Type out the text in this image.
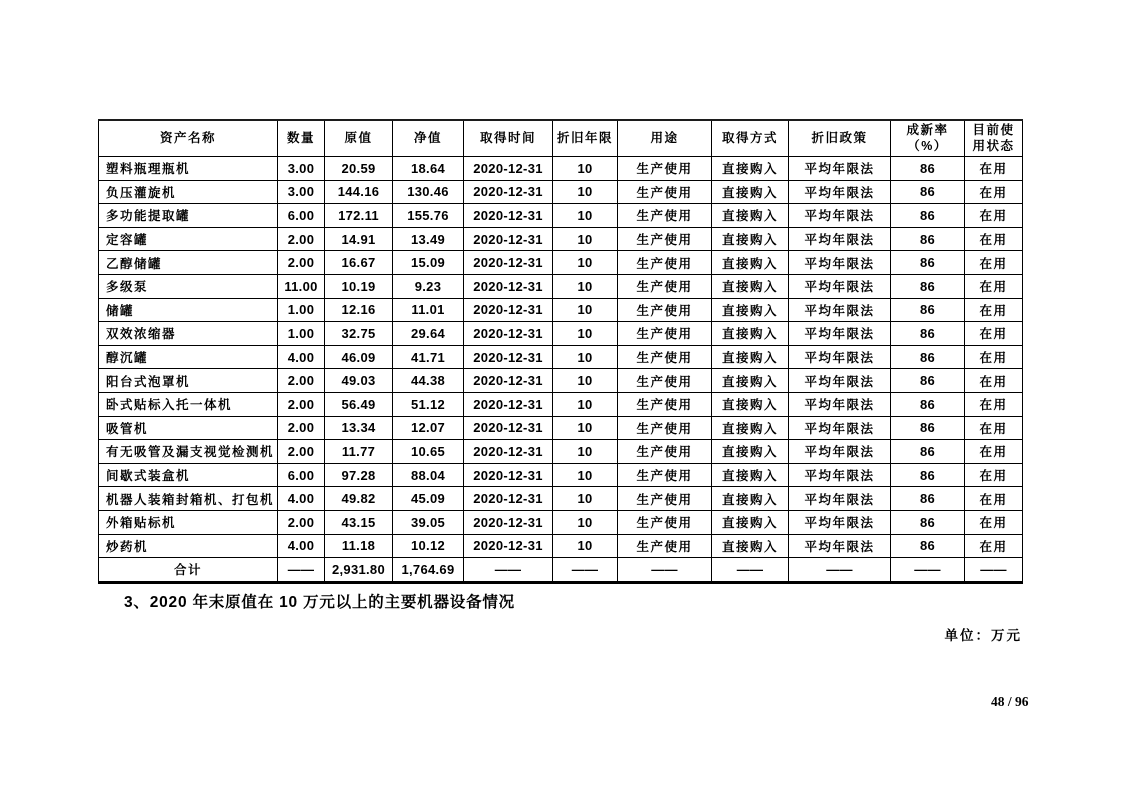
资产名称	数量	原值	净值	取得时间	折旧年限	用途	取得方式	折旧政策	成新率（%）	目前使用状态
塑料瓶理瓶机	3.00	20.59	18.64	2020-12-31	10	生产使用	直接购入	平均年限法	86	在用
负压灌旋机	3.00	144.16	130.46	2020-12-31	10	生产使用	直接购入	平均年限法	86	在用
多功能提取罐	6.00	172.11	155.76	2020-12-31	10	生产使用	直接购入	平均年限法	86	在用
定容罐	2.00	14.91	13.49	2020-12-31	10	生产使用	直接购入	平均年限法	86	在用
乙醇储罐	2.00	16.67	15.09	2020-12-31	10	生产使用	直接购入	平均年限法	86	在用
多级泵	11.00	10.19	9.23	2020-12-31	10	生产使用	直接购入	平均年限法	86	在用
储罐	1.00	12.16	11.01	2020-12-31	10	生产使用	直接购入	平均年限法	86	在用
双效浓缩器	1.00	32.75	29.64	2020-12-31	10	生产使用	直接购入	平均年限法	86	在用
醇沉罐	4.00	46.09	41.71	2020-12-31	10	生产使用	直接购入	平均年限法	86	在用
阳台式泡罩机	2.00	49.03	44.38	2020-12-31	10	生产使用	直接购入	平均年限法	86	在用
卧式贴标入托一体机	2.00	56.49	51.12	2020-12-31	10	生产使用	直接购入	平均年限法	86	在用
吸管机	2.00	13.34	12.07	2020-12-31	10	生产使用	直接购入	平均年限法	86	在用
有无吸管及漏支视觉检测机	2.00	11.77	10.65	2020-12-31	10	生产使用	直接购入	平均年限法	86	在用
间歇式装盒机	6.00	97.28	88.04	2020-12-31	10	生产使用	直接购入	平均年限法	86	在用
机器人装箱封箱机、打包机	4.00	49.82	45.09	2020-12-31	10	生产使用	直接购入	平均年限法	86	在用
外箱贴标机	2.00	43.15	39.05	2020-12-31	10	生产使用	直接购入	平均年限法	86	在用
炒药机	4.00	11.18	10.12	2020-12-31	10	生产使用	直接购入	平均年限法	86	在用
合计	——	2,931.80	1,764.69	——	——	——	——	——	——	——
3、2020 年末原值在 10 万元以上的主要机器设备情况
单位：万元
48 / 96
